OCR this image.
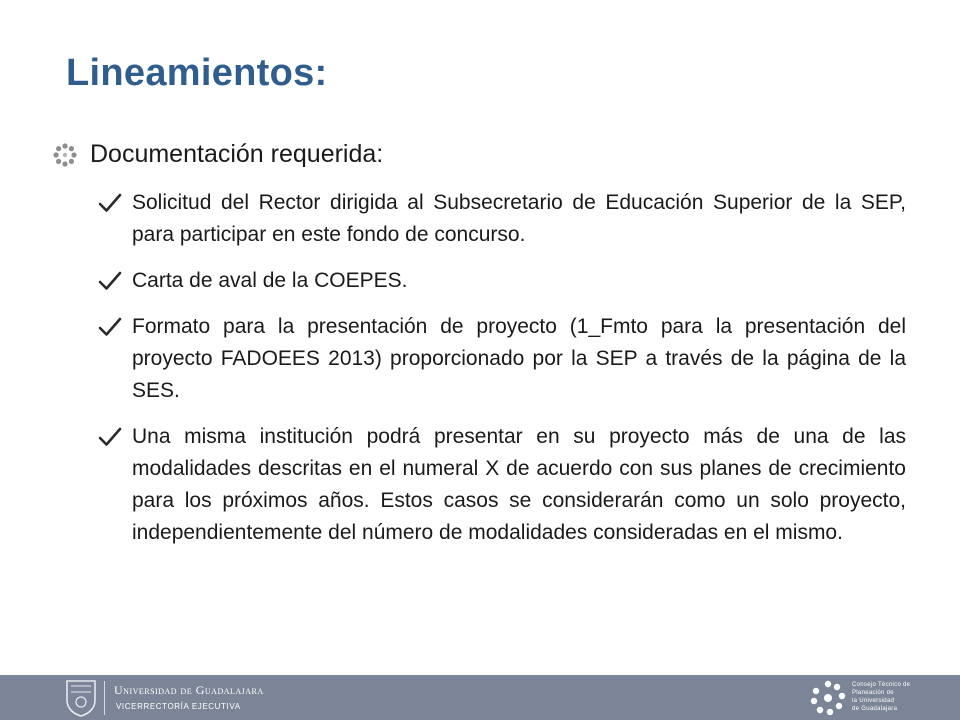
Lineamientos:
Documentación requerida:
Solicitud del Rector dirigida al Subsecretario de Educación Superior de la SEP, para participar en este fondo de concurso.
Carta de aval de la COEPES.
Formato para la presentación de proyecto (1_Fmto para la presentación del proyecto FADOEES 2013) proporcionado por la SEP a través de la página de la SES.
Una misma institución podrá presentar en su proyecto más de una de las modalidades descritas en el numeral X de acuerdo con sus planes de crecimiento para los próximos años. Estos casos se considerarán como un solo proyecto, independientemente del número de modalidades consideradas en el mismo.
Universidad de Guadalajara
VICERRECTORÍA EJECUTIVA
Consejo Técnico de
Planeación de
la Universidad
de Guadalajara
